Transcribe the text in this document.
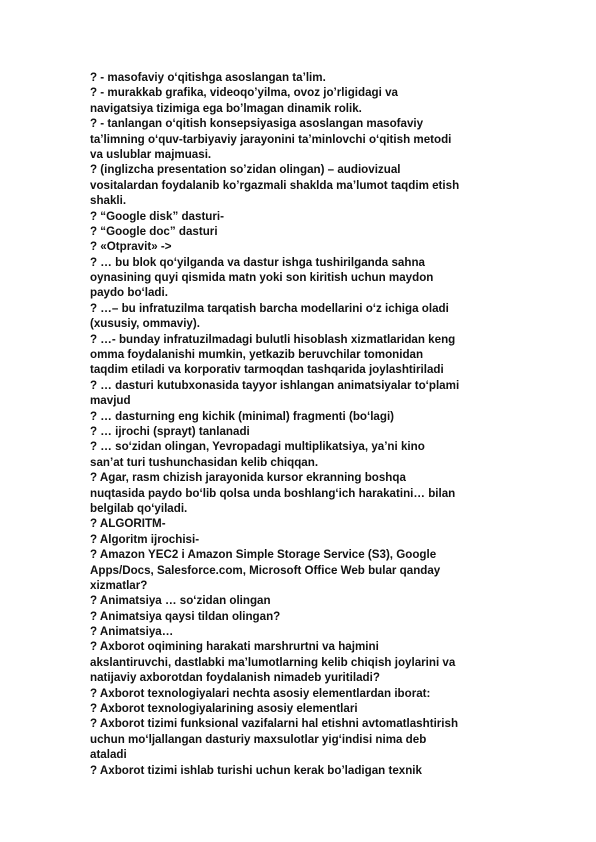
? - masofaviy o‘qitishga asoslangan ta’lim.
? - murakkab grafika, videoqo’yilma, ovoz jo’rligidagi va
navigatsiya tizimiga ega bo’lmagan dinamik rolik.
? - tanlangan o‘qitish konsepsiyasiga asoslangan masofaviy
ta’limning o‘quv-tarbiyaviy jarayonini ta’minlovchi o‘qitish metodi
va uslublar majmuasi.
? (inglizcha presentation so’zidan olingan) – audiovizual
vositalardan foydalanib ko’rgazmali shaklda ma’lumot taqdim etish
shakli.
? “Google disk” dasturi-
? “Google doc” dasturi
? «Otpravit» ->
? … bu blok qo‘yilganda va dastur ishga tushirilganda sahna
oynasining quyi qismida matn yoki son kiritish uchun maydon
paydo bo‘ladi.
? …– bu infratuzilma tarqatish barcha modellarini o‘z ichiga oladi
(xususiy, ommaviy).
? …- bunday infratuzilmadagi bulutli hisoblash xizmatlaridan keng
omma foydalanishi mumkin, yetkazib beruvchilar tomonidan
taqdim etiladi va korporativ tarmoqdan tashqarida joylashtiriladi
? … dasturi kutubxonasida tayyor ishlangan animatsiyalar to‘plami
mavjud
? … dasturning eng kichik (minimal) fragmenti (bo‘lagi)
? … ijrochi (sprayt) tanlanadi
? … so‘zidan olingan, Yevropadagi multiplikatsiya, ya’ni kino
san’at turi tushunchasidan kelib chiqqan.
? Agar, rasm chizish jarayonida kursor ekranning boshqa
nuqtasida paydo bo‘lib qolsa unda boshlang‘ich harakatini… bilan
belgilab qo‘yiladi.
? ALGORITM-
? Algoritm ijrochisi-
? Amazon YEC2 i Amazon Simple Storage Service (S3), Google
Apps/Docs, Salesforce.com, Microsoft Office Web bular qanday
xizmatlar?
? Animatsiya … so‘zidan olingan
? Animatsiya qaysi tildan olingan?
? Animatsiya…
? Axborot oqimining harakati marshrurtni va hajmini
akslantiruvchi, dastlabki ma’lumotlarning kelib chiqish joylarini va
natijaviy axborotdan foydalanish nimadeb yuritiladi?
? Axborot texnologiyalari nechta asosiy elementlardan iborat:
? Axborot texnologiyalarining asosiy elementlari
? Axborot tizimi funksional vazifalarni hal etishni avtomatlashtirish
uchun mo‘ljallangan dasturiy maxsulotlar yig‘indisi nima deb
ataladi
? Axborot tizimi ishlab turishi uchun kerak bo’ladigan texnik
